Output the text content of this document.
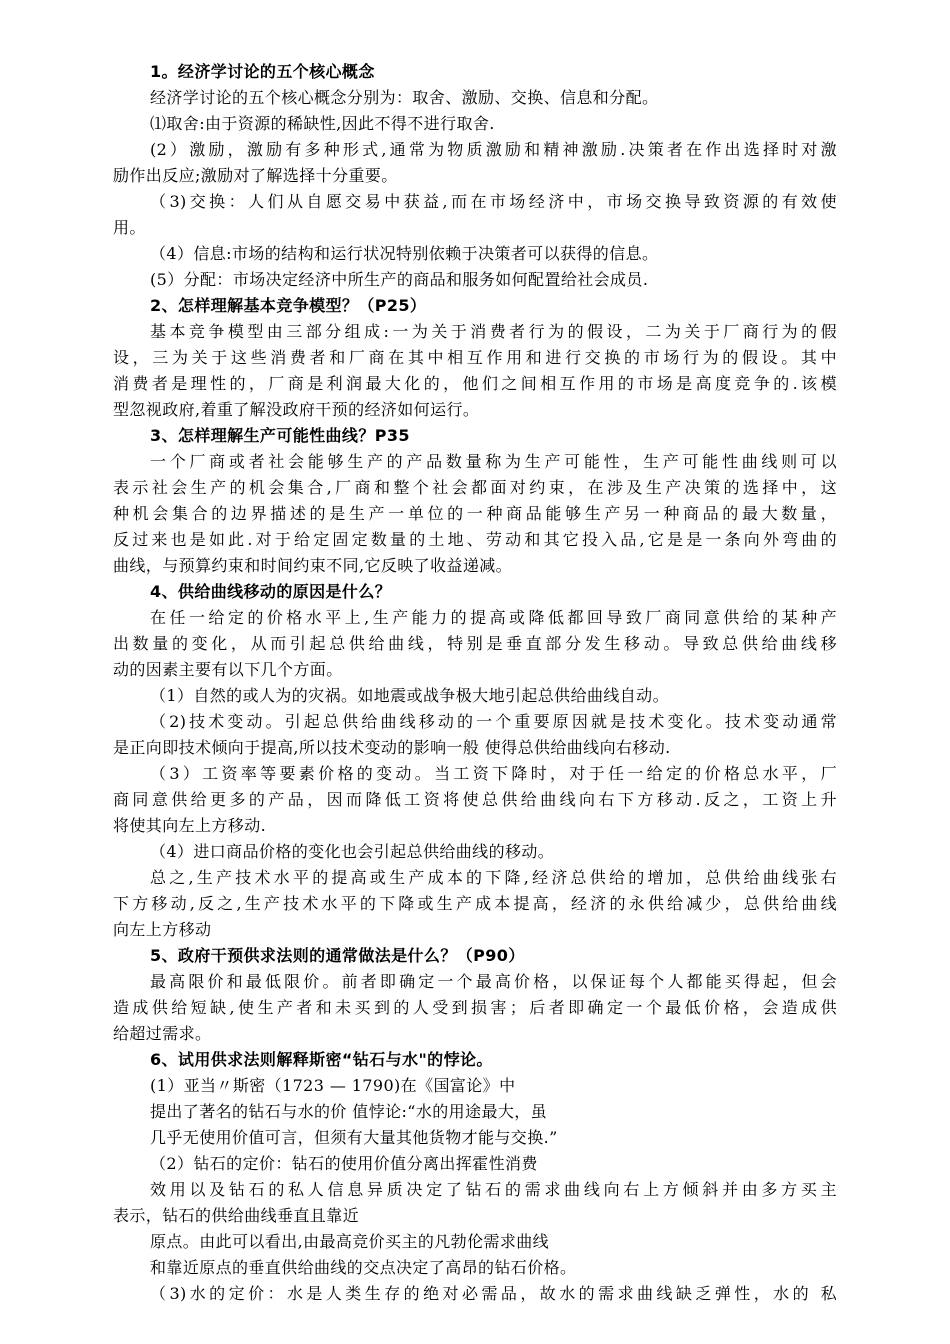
1。经济学讨论的五个核心概念
经济学讨论的五个核心概念分别为：取舍、激励、交换、信息和分配。
⑴取舍:由于资源的稀缺性,因此不得不进行取舍.
(2）激励，激励有多种形式,通常为物质激励和精神激励.决策者在作出选择时对激
励作出反应;激励对了解选择十分重要。
（3)交换：人们从自愿交易中获益,而在市场经济中，市场交换导致资源的有效使
用。
（4）信息:市场的结构和运行状况特别依赖于决策者可以获得的信息。
(5）分配：市场决定经济中所生产的商品和服务如何配置给社会成员.
2、怎样理解基本竞争模型？（P25）
基本竞争模型由三部分组成:一为关于消费者行为的假设，二为关于厂商行为的假
设，三为关于这些消费者和厂商在其中相互作用和进行交换的市场行为的假设。其中
消费者是理性的，厂商是利润最大化的，他们之间相互作用的市场是高度竞争的.该模
型忽视政府,着重了解没政府干预的经济如何运行。
3、怎样理解生产可能性曲线？P35
一个厂商或者社会能够生产的产品数量称为生产可能性，生产可能性曲线则可以
表示社会生产的机会集合,厂商和整个社会都面对约束，在涉及生产决策的选择中，这
种机会集合的边界描述的是生产一单位的一种商品能够生产另一种商品的最大数量，
反过来也是如此.对于给定固定数量的土地、劳动和其它投入品,它是是一条向外弯曲的
曲线，与预算约束和时间约束不同,它反映了收益递减。
4、供给曲线移动的原因是什么？
在任一给定的价格水平上,生产能力的提高或降低都回导致厂商同意供给的某种产
出数量的变化，从而引起总供给曲线，特别是垂直部分发生移动。导致总供给曲线移
动的因素主要有以下几个方面。
（1）自然的或人为的灾祸。如地震或战争极大地引起总供给曲线自动。
（2)技术变动。引起总供给曲线移动的一个重要原因就是技术变化。技术变动通常
是正向即技术倾向于提高,所以技术变动的影响一般 使得总供给曲线向右移动.
（3）工资率等要素价格的变动。当工资下降时，对于任一给定的价格总水平，厂
商同意供给更多的产品，因而降低工资将使总供给曲线向右下方移动.反之，工资上升
将使其向左上方移动.
（4）进口商品价格的变化也会引起总供给曲线的移动。
总之,生产技术水平的提高或生产成本的下降,经济总供给的增加，总供给曲线张右
下方移动,反之,生产技术水平的下降或生产成本提高，经济的永供给减少，总供给曲线
向左上方移动
5、政府干预供求法则的通常做法是什么？（P90）
最高限价和最低限价。前者即确定一个最高价格，以保证每个人都能买得起，但会
造成供给短缺,使生产者和未买到的人受到损害；后者即确定一个最低价格，会造成供
给超过需求。
6、试用供求法则解释斯密“钻石与水"的悖论。
(1）亚当〃斯密（1723 — 1790)在《国富论》中
提出了著名的钻石与水的价 值悖论:“水的用途最大，虽
几乎无使用价值可言，但须有大量其他货物才能与交换.”
（2）钻石的定价：钻石的使用价值分离出挥霍性消费
效用以及钻石的私人信息异质决定了钻石的需求曲线向右上方倾斜并由多方买主
表示，钻石的供给曲线垂直且靠近
原点。由此可以看出,由最高竞价买主的凡勃伦需求曲线
和靠近原点的垂直供给曲线的交点决定了高昂的钻石价格。
（3)水的定价：水是人类生存的绝对必需品，故水的需求曲线缺乏弹性，水的 私
